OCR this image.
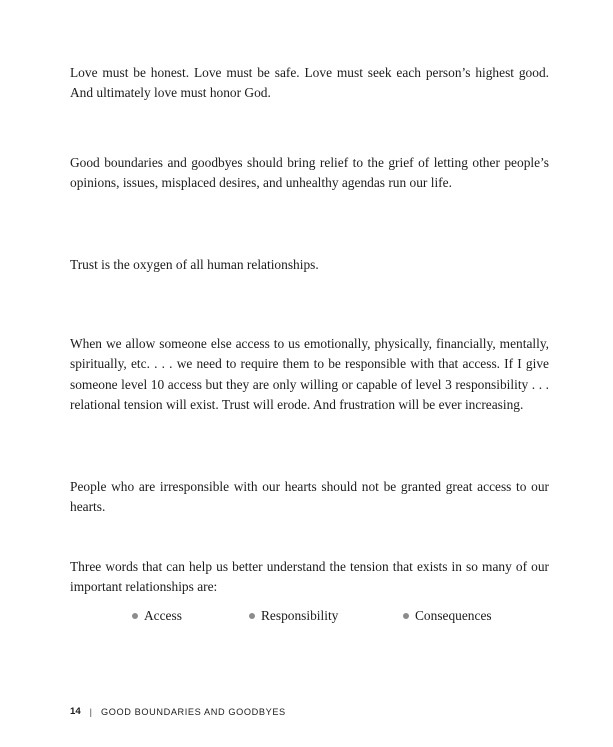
Love must be honest. Love must be safe. Love must seek each person’s highest good. And ultimately love must honor God.

Good boundaries and goodbyes should bring relief to the grief of letting other people’s opinions, issues, misplaced desires, and unhealthy agendas run our life.

Trust is the oxygen of all human relationships.

When we allow someone else access to us emotionally, physically, financially, mentally, spiritually, etc. . . . we need to require them to be responsible with that access. If I give someone level 10 access but they are only willing or capable of level 3 responsibility . . . relational tension will exist. Trust will erode. And frustration will be ever increasing.

People who are irresponsible with our hearts should not be granted great access to our hearts.

Three words that can help us better understand the tension that exists in so many of our important relationships are:

Access	Responsibility	Consequences
14 | GOOD BOUNDARIES AND GOODBYES
